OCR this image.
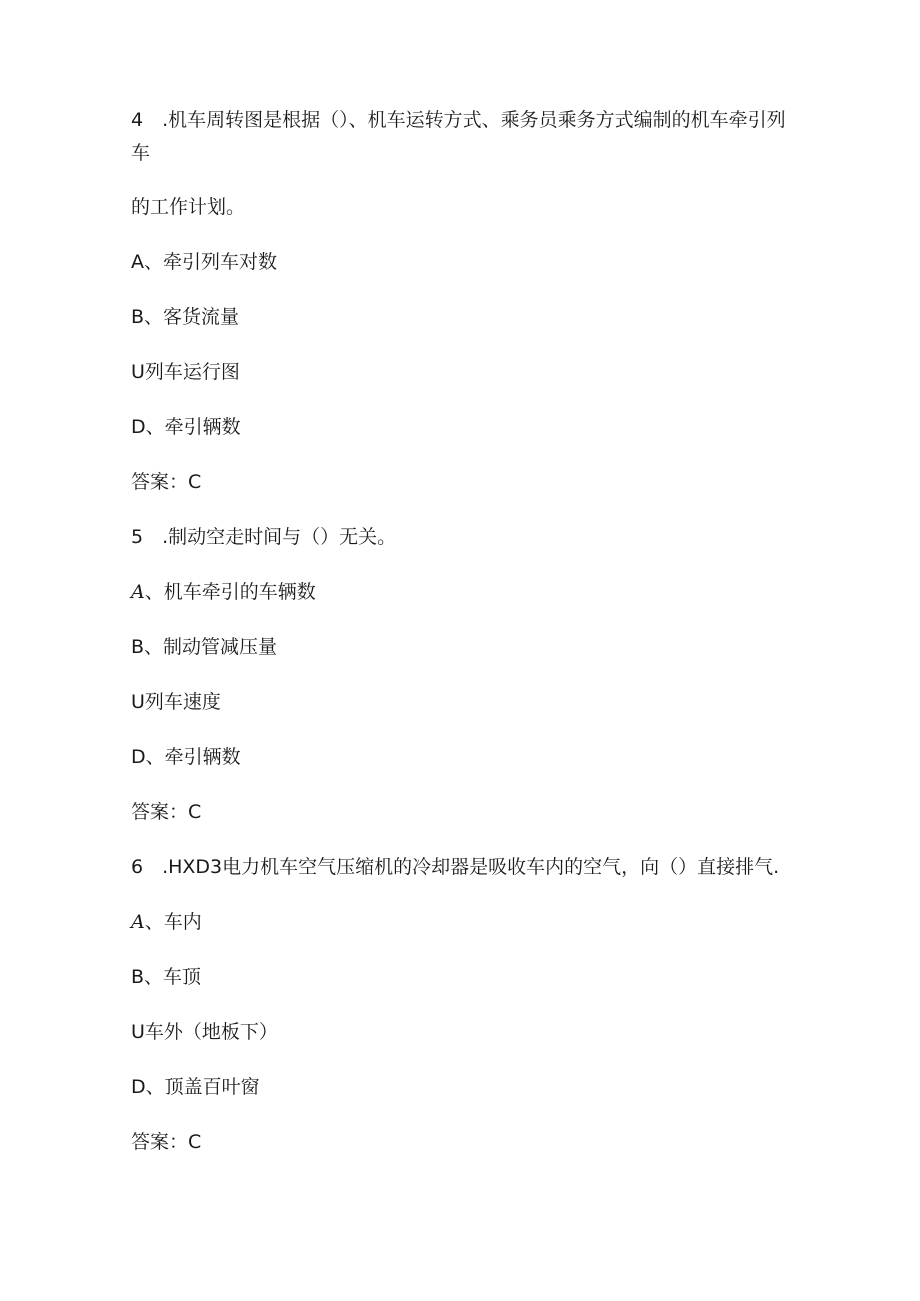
4　.机车周转图是根据（）、机车运转方式、乘务员乘务方式编制的机车牵引列
车
的工作计划。
A、牵引列车对数
B、客货流量
U列车运行图
D、牵引辆数
答案：C
5　.制动空走时间与（）无关。
A、机车牵引的车辆数
B、制动管减压量
U列车速度
D、牵引辆数
答案：C
6　.HXD3电力机车空气压缩机的冷却器是吸收车内的空气，向（）直接排气.
A、车内
B、车顶
U车外（地板下）
D、顶盖百叶窗
答案：C
